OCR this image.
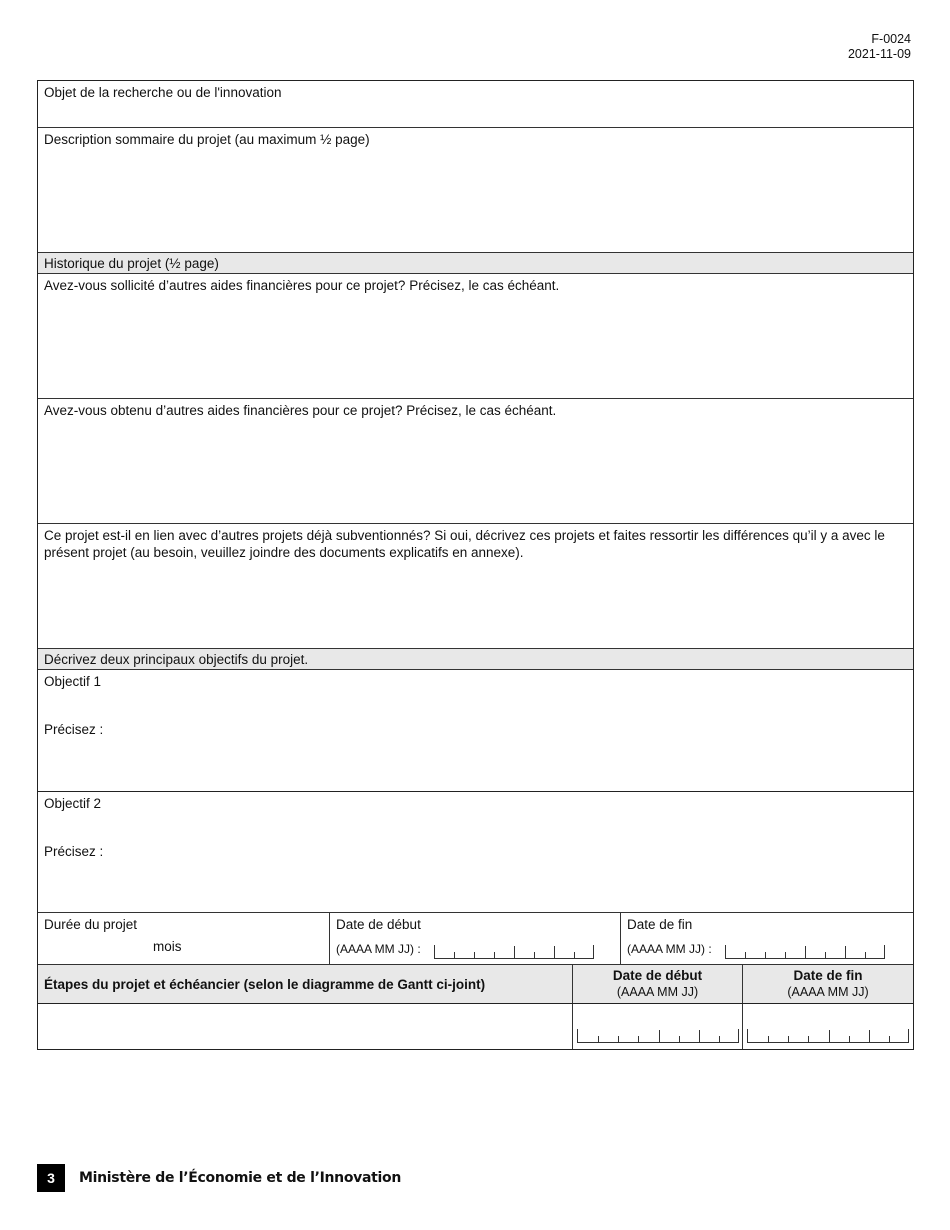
F-0024
2021-11-09
Objet de la recherche ou de l'innovation
Description sommaire du projet (au maximum ½ page)
Historique du projet (½ page)
Avez-vous sollicité d’autres aides financières pour ce projet? Précisez, le cas échéant.
Avez-vous obtenu d’autres aides financières pour ce projet? Précisez, le cas échéant.
Ce projet est-il en lien avec d’autres projets déjà subventionnés? Si oui, décrivez ces projets et faites ressortir les différences qu’il y a avec le présent projet (au besoin, veuillez joindre des documents explicatifs en annexe).
Décrivez deux principaux objectifs du projet.
Objectif 1
Précisez :
Objectif 2
Précisez :
Durée du projet
mois
Date de début
(AAAA MM JJ) :
Date de fin
(AAAA MM JJ) :
Étapes du projet et échéancier (selon le diagramme de Gantt ci-joint)
Date de début
(AAAA MM JJ)
Date de fin
(AAAA MM JJ)
3	Ministère de l’Économie et de l’Innovation
